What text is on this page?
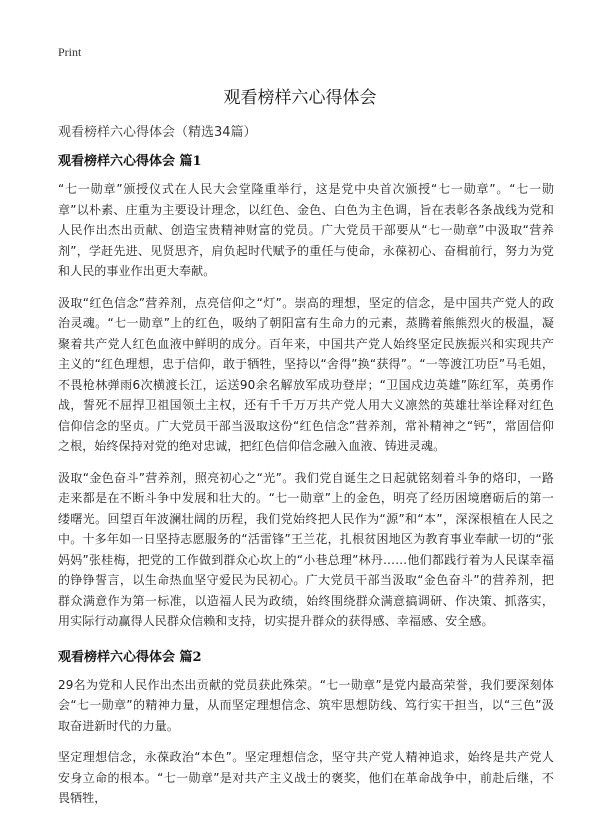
Print
观看榜样六心得体会
观看榜样六心得体会（精选34篇）
观看榜样六心得体会 篇1

“七一勋章”颁授仪式在人民大会堂隆重举行，这是党中央首次颁授“七一勋章”。“七一勋章”以朴素、庄重为主要设计理念，以红色、金色、白色为主色调，旨在表彰各条战线为党和人民作出杰出贡献、创造宝贵精神财富的党员。广大党员干部要从“七一勋章”中汲取“营养剂”，学赶先进、见贤思齐，肩负起时代赋予的重任与使命，永葆初心、奋楫前行，努力为党和人民的事业作出更大奉献。

汲取“红色信念”营养剂，点亮信仰之“灯”。崇高的理想，坚定的信念，是中国共产党人的政治灵魂。“七一勋章”上的红色，吸纳了朝阳富有生命力的元素，蒸腾着熊熊烈火的极温，凝聚着共产党人红色血液中鲜明的成分。百年来，中国共产党人始终坚定民族振兴和实现共产主义的“红色理想，忠于信仰，敢于牺牲，坚持以“舍得”换“获得”。“一等渡江功臣”马毛姐，不畏枪林弹雨6次横渡长江，运送90余名解放军成功登岸；“卫国戍边英雄”陈红军，英勇作战，誓死不屈捍卫祖国领土主权，还有千千万万共产党人用大义凛然的英雄壮举诠释对红色信仰信念的坚贞。广大党员干部当汲取这份“红色信念”营养剂，常补精神之“钙”，常固信仰之根，始终保持对党的绝对忠诚，把红色信仰信念融入血液、铸进灵魂。

汲取“金色奋斗”营养剂，照亮初心之“光”。我们党自诞生之日起就铭刻着斗争的烙印，一路走来都是在不断斗争中发展和壮大的。“七一勋章”上的金色，明亮了经历困境磨砺后的第一缕曙光。回望百年波澜壮阔的历程，我们党始终把人民作为“源”和“本”，深深根植在人民之中。十多年如一日坚持志愿服务的“活雷锋”王兰花，扎根贫困地区为教育事业奉献一切的“张妈妈”张桂梅，把党的工作做到群众心坎上的“小巷总理”林丹……他们都践行着为人民谋幸福的铮铮誓言，以生命热血坚守爱民为民初心。广大党员干部当汲取“金色奋斗”的营养剂，把群众满意作为第一标准，以造福人民为政绩，始终围绕群众满意搞调研、作决策、抓落实，用实际行动赢得人民群众信赖和支持，切实提升群众的获得感、幸福感、安全感。

观看榜样六心得体会 篇2

29名为党和人民作出杰出贡献的党员获此殊荣。“七一勋章”是党内最高荣誉，我们要深刻体会“七一勋章”的精神力量，从而坚定理想信念、筑牢思想防线、笃行实干担当，以“三色”汲取奋进新时代的力量。

坚定理想信念，永葆政治“本色”。坚定理想信念，坚守共产党人精神追求，始终是共产党人安身立命的根本。“七一勋章”是对共产主义战士的褒奖，他们在革命战争中，前赴后继，不畏牺牲，
